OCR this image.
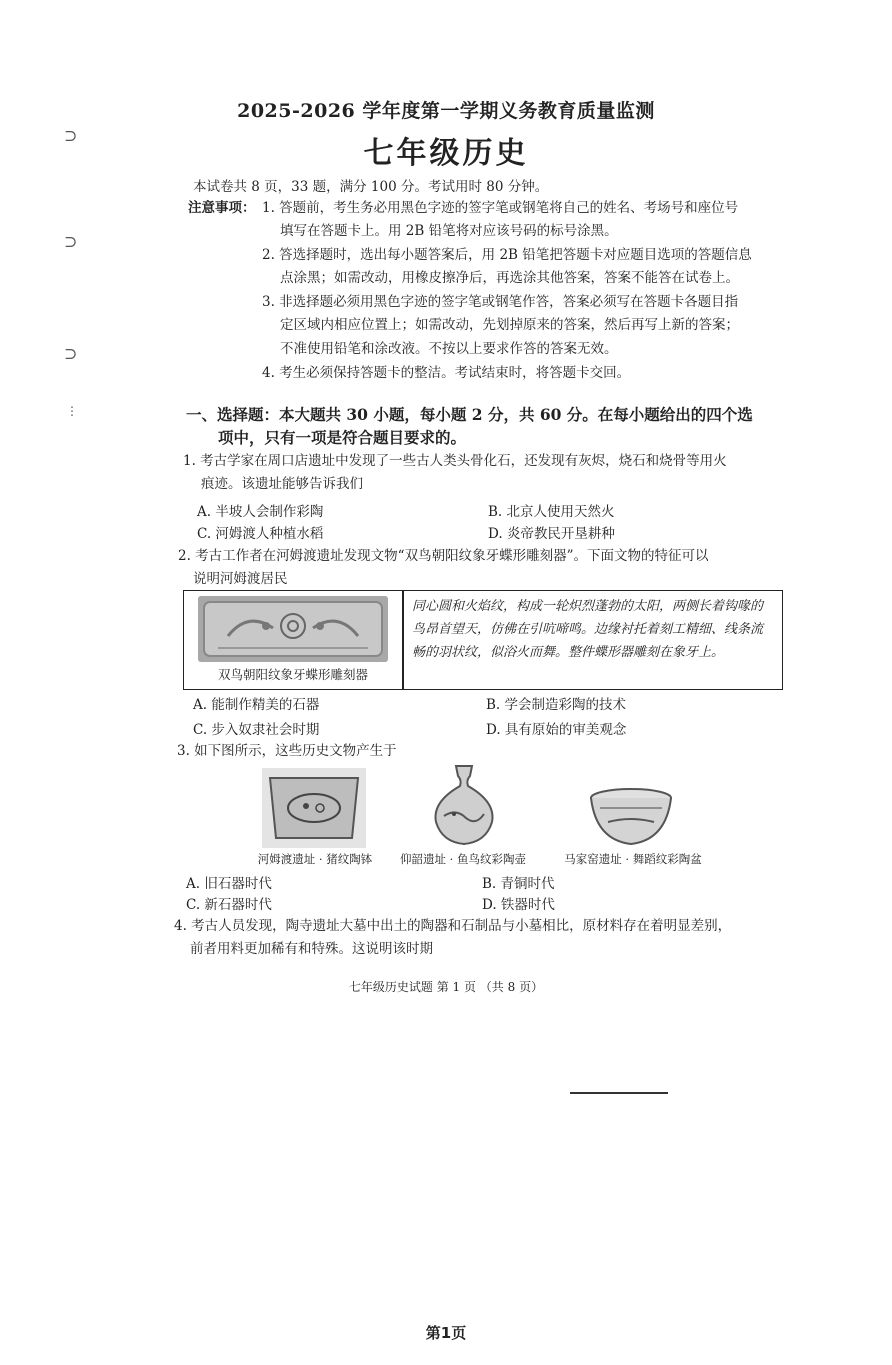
⊃
⊃
⊃
⋮
2025-2026 学年度第一学期义务教育质量监测
七年级历史
本试卷共 8 页，33 题，满分 100 分。考试用时 80 分钟。
注意事项： 1. 答题前，考生务必用黑色字迹的签字笔或钢笔将自己的姓名、考场号和座位号
填写在答题卡上。用 2B 铅笔将对应该号码的标号涂黑。
2. 答选择题时，选出每小题答案后，用 2B 铅笔把答题卡对应题目选项的答题信息
点涂黑；如需改动，用橡皮擦净后，再选涂其他答案，答案不能答在试卷上。
3. 非选择题必须用黑色字迹的签字笔或钢笔作答，答案必须写在答题卡各题目指
定区域内相应位置上；如需改动，先划掉原来的答案，然后再写上新的答案；
不准使用铅笔和涂改液。不按以上要求作答的答案无效。
4. 考生必须保持答题卡的整洁。考试结束时，将答题卡交回。
一、选择题：本大题共 30 小题，每小题 2 分，共 60 分。在每小题给出的四个选
项中，只有一项是符合题目要求的。
1. 考古学家在周口店遗址中发现了一些古人类头骨化石，还发现有灰烬，烧石和烧骨等用火
痕迹。该遗址能够告诉我们
A. 半坡人会制作彩陶	B. 北京人使用天然火
C. 河姆渡人种植水稻	D. 炎帝教民开垦耕种
2. 考古工作者在河姆渡遗址发现文物“双鸟朝阳纹象牙蝶形雕刻器”。下面文物的特征可以
说明河姆渡居民
双鸟朝阳纹象牙蝶形雕刻器
同心圆和火焰纹，构成一轮炽烈蓬勃的太阳，两侧长着钩喙的鸟昂首望天，仿佛在引吭啼鸣。边缘衬托着刻工精细、线条流畅的羽状纹，似浴火而舞。整件蝶形器雕刻在象牙上。
A. 能制作精美的石器	B. 学会制造彩陶的技术
C. 步入奴隶社会时期	D. 具有原始的审美观念
3. 如下图所示，这些历史文物产生于
河姆渡遗址 · 猪纹陶钵	仰韶遗址 · 鱼鸟纹彩陶壶	马家窑遗址 · 舞蹈纹彩陶盆
A. 旧石器时代	B. 青铜时代
C. 新石器时代	D. 铁器时代
4. 考古人员发现，陶寺遗址大墓中出土的陶器和石制品与小墓相比，原材料存在着明显差别，
前者用料更加稀有和特殊。这说明该时期
七年级历史试题 第 1 页 （共 8 页）
第1页
